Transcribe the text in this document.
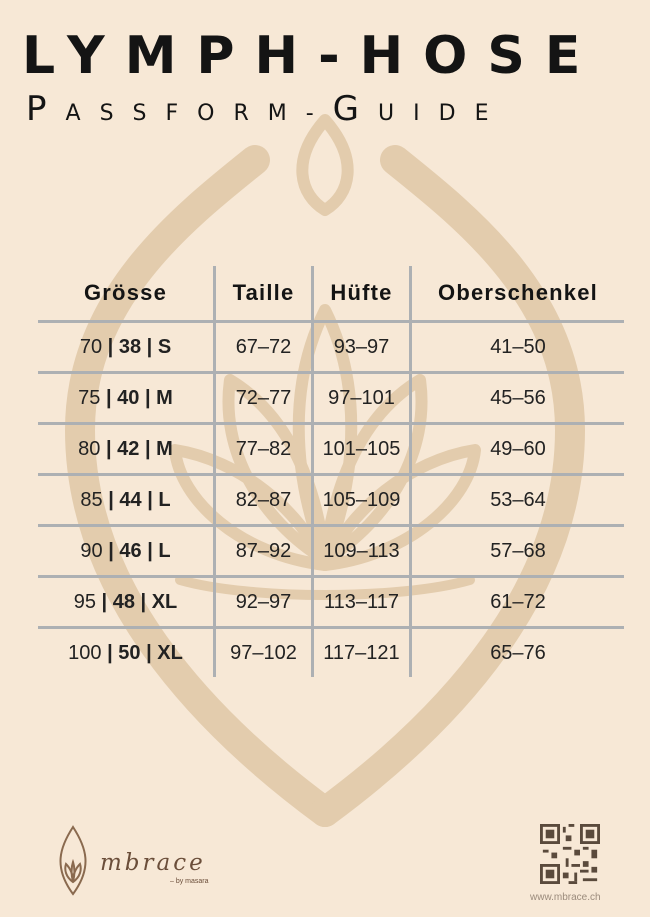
LYMPH-HOSE
PASSFORM-GUIDE
Grösse	Taille	Hüfte	Oberschenkel
70 | 38 | S	67–72	93–97	41–50
75 | 40 | M	72–77	97–101	45–56
80 | 42 | M	77–82	101–105	49–60
85 | 44 | L	82–87	105–109	53–64
90 | 46 | L	87–92	109–113	57–68
95 | 48 | XL	92–97	113–117	61–72
100 | 50 | XL	97–102	117–121	65–76
mbrace
– by masara
www.mbrace.ch
